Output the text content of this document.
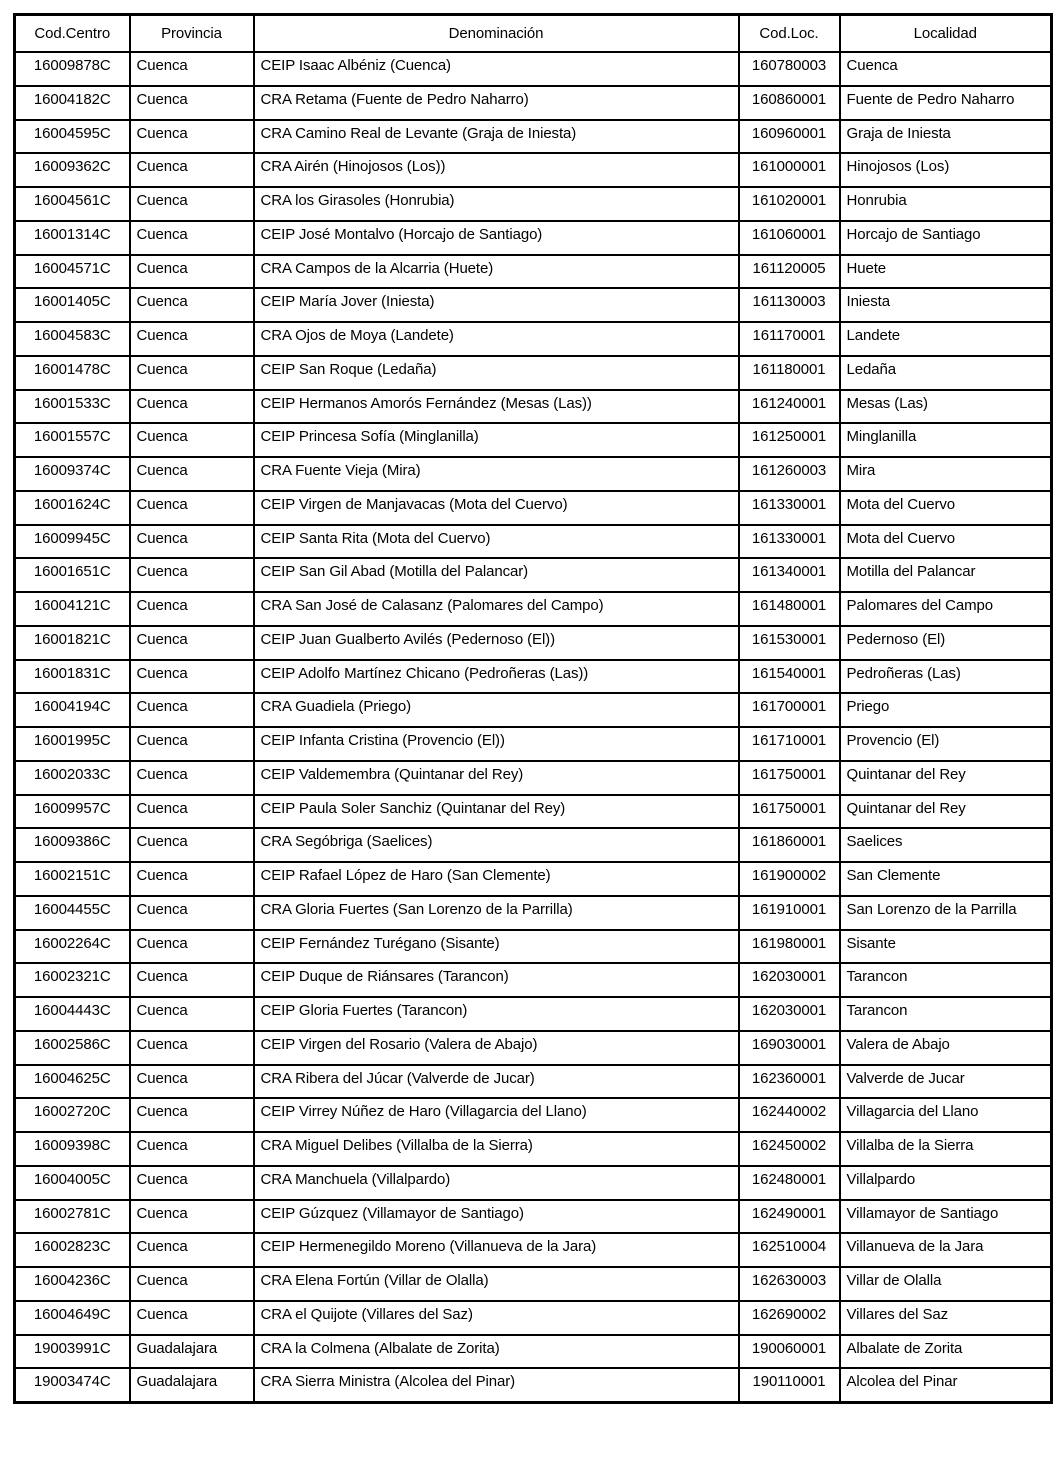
Cod.Centro	Provincia	Denominación	Cod.Loc.	Localidad
16009878C	Cuenca	CEIP Isaac Albéniz (Cuenca)	160780003	Cuenca
16004182C	Cuenca	CRA Retama (Fuente de Pedro Naharro)	160860001	Fuente de Pedro Naharro
16004595C	Cuenca	CRA Camino Real de Levante (Graja de Iniesta)	160960001	Graja de Iniesta
16009362C	Cuenca	CRA Airén (Hinojosos (Los))	161000001	Hinojosos (Los)
16004561C	Cuenca	CRA los Girasoles (Honrubia)	161020001	Honrubia
16001314C	Cuenca	CEIP José Montalvo (Horcajo de Santiago)	161060001	Horcajo de Santiago
16004571C	Cuenca	CRA Campos de la Alcarria (Huete)	161120005	Huete
16001405C	Cuenca	CEIP María Jover (Iniesta)	161130003	Iniesta
16004583C	Cuenca	CRA Ojos de Moya (Landete)	161170001	Landete
16001478C	Cuenca	CEIP San Roque (Ledaña)	161180001	Ledaña
16001533C	Cuenca	CEIP Hermanos Amorós Fernández (Mesas (Las))	161240001	Mesas (Las)
16001557C	Cuenca	CEIP Princesa Sofía (Minglanilla)	161250001	Minglanilla
16009374C	Cuenca	CRA Fuente Vieja (Mira)	161260003	Mira
16001624C	Cuenca	CEIP Virgen de Manjavacas (Mota del Cuervo)	161330001	Mota del Cuervo
16009945C	Cuenca	CEIP Santa Rita (Mota del Cuervo)	161330001	Mota del Cuervo
16001651C	Cuenca	CEIP San Gil Abad (Motilla del Palancar)	161340001	Motilla del Palancar
16004121C	Cuenca	CRA San José de Calasanz (Palomares del Campo)	161480001	Palomares del Campo
16001821C	Cuenca	CEIP Juan Gualberto Avilés (Pedernoso (El))	161530001	Pedernoso (El)
16001831C	Cuenca	CEIP Adolfo Martínez Chicano (Pedroñeras (Las))	161540001	Pedroñeras (Las)
16004194C	Cuenca	CRA Guadiela (Priego)	161700001	Priego
16001995C	Cuenca	CEIP Infanta Cristina (Provencio (El))	161710001	Provencio (El)
16002033C	Cuenca	CEIP Valdemembra (Quintanar del Rey)	161750001	Quintanar del Rey
16009957C	Cuenca	CEIP Paula Soler Sanchiz (Quintanar del Rey)	161750001	Quintanar del Rey
16009386C	Cuenca	CRA Segóbriga (Saelices)	161860001	Saelices
16002151C	Cuenca	CEIP Rafael López de Haro (San Clemente)	161900002	San Clemente
16004455C	Cuenca	CRA Gloria Fuertes (San Lorenzo de la Parrilla)	161910001	San Lorenzo de la Parrilla
16002264C	Cuenca	CEIP Fernández Turégano (Sisante)	161980001	Sisante
16002321C	Cuenca	CEIP Duque de Riánsares (Tarancon)	162030001	Tarancon
16004443C	Cuenca	CEIP Gloria Fuertes (Tarancon)	162030001	Tarancon
16002586C	Cuenca	CEIP Virgen del Rosario (Valera de Abajo)	169030001	Valera de Abajo
16004625C	Cuenca	CRA Ribera del Júcar (Valverde de Jucar)	162360001	Valverde de Jucar
16002720C	Cuenca	CEIP Virrey Núñez de Haro (Villagarcia del Llano)	162440002	Villagarcia del Llano
16009398C	Cuenca	CRA Miguel Delibes (Villalba de la Sierra)	162450002	Villalba de la Sierra
16004005C	Cuenca	CRA Manchuela (Villalpardo)	162480001	Villalpardo
16002781C	Cuenca	CEIP Gúzquez (Villamayor de Santiago)	162490001	Villamayor de Santiago
16002823C	Cuenca	CEIP Hermenegildo Moreno (Villanueva de la Jara)	162510004	Villanueva de la Jara
16004236C	Cuenca	CRA Elena Fortún (Villar de Olalla)	162630003	Villar de Olalla
16004649C	Cuenca	CRA el Quijote (Villares del Saz)	162690002	Villares del Saz
19003991C	Guadalajara	CRA la Colmena (Albalate de Zorita)	190060001	Albalate de Zorita
19003474C	Guadalajara	CRA Sierra Ministra (Alcolea del Pinar)	190110001	Alcolea del Pinar
